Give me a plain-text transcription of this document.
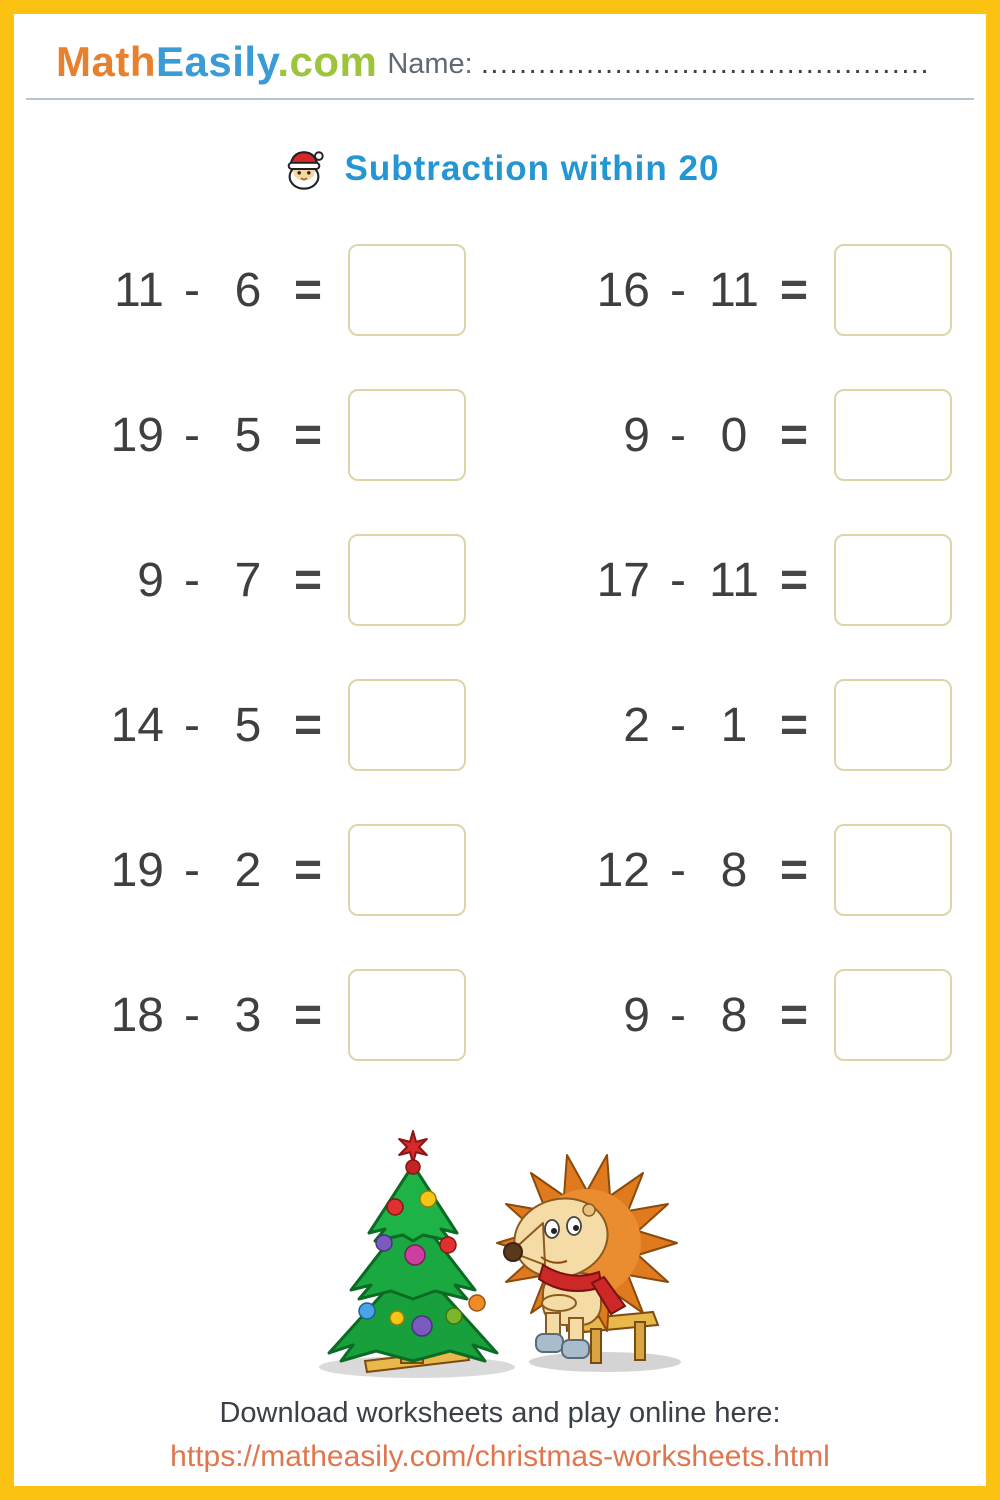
MathEasily.com Name: ...............................................
Subtraction within 20
11 - 6 =	16 - 11 =
19 - 5 =	9 - 0 =
9 - 7 =	17 - 11 =
14 - 5 =	2 - 1 =
19 - 2 =	12 - 8 =
18 - 3 =	9 - 8 =
Download worksheets and play online here:
https://matheasily.com/christmas-worksheets.html
